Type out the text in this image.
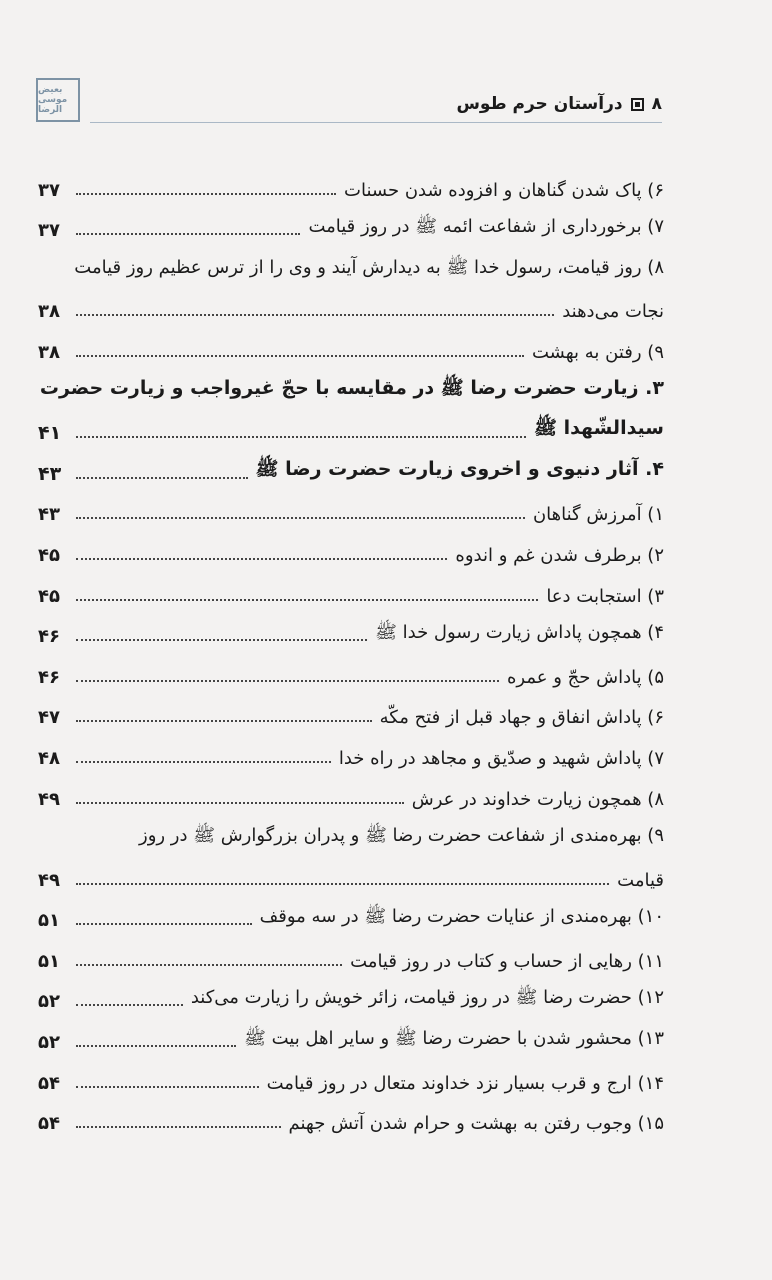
بعیض موسی الرضا	۸
درآستان حرم طوس
۶) پاک شدن گناهان و افزوده شدن حسنات
۳۷
۷) برخورداری از شفاعت ائمه ﷺ در روز قیامت
۳۷
۸) روز قیامت، رسول خدا ﷺ به دیدارش آیند و وی را از ترس عظیم روز قیامت
نجات می‌دهند
۳۸
۹) رفتن به بهشت
۳۸
۳. زیارت حضرت رضا ﷺ در مقایسه با حجّ غیرواجب و زیارت حضرت
سیدالشّهدا ﷺ
۴۱
۴. آثار دنیوی و اخروی زیارت حضرت رضا ﷺ
۴۳
۱) آمرزش گناهان
۴۳
۲) برطرف شدن غم و اندوه
۴۵
۳) استجابت دعا
۴۵
۴) همچون پاداش زیارت رسول خدا ﷺ
۴۶
۵) پاداش حجّ و عمره
۴۶
۶) پاداش انفاق و جهاد قبل از فتح مکّه
۴۷
۷) پاداش شهید و صدّیق و مجاهد در راه خدا
۴۸
۸) همچون زیارت خداوند در عرش
۴۹
۹) بهره‌مندی از شفاعت حضرت رضا ﷺ و پدران بزرگوارش ﷺ در روز
قیامت
۴۹
۱۰) بهره‌مندی از عنایات حضرت رضا ﷺ در سه موقف
۵۱
۱۱) رهایی از حساب و کتاب در روز قیامت
۵۱
۱۲) حضرت رضا ﷺ در روز قیامت، زائر خویش را زیارت می‌کند
۵۲
۱۳) محشور شدن با حضرت رضا ﷺ و سایر اهل بیت ﷺ
۵۲
۱۴) ارج و قرب بسیار نزد خداوند متعال در روز قیامت
۵۴
۱۵) وجوب رفتن به بهشت و حرام شدن آتش جهنم
۵۴
